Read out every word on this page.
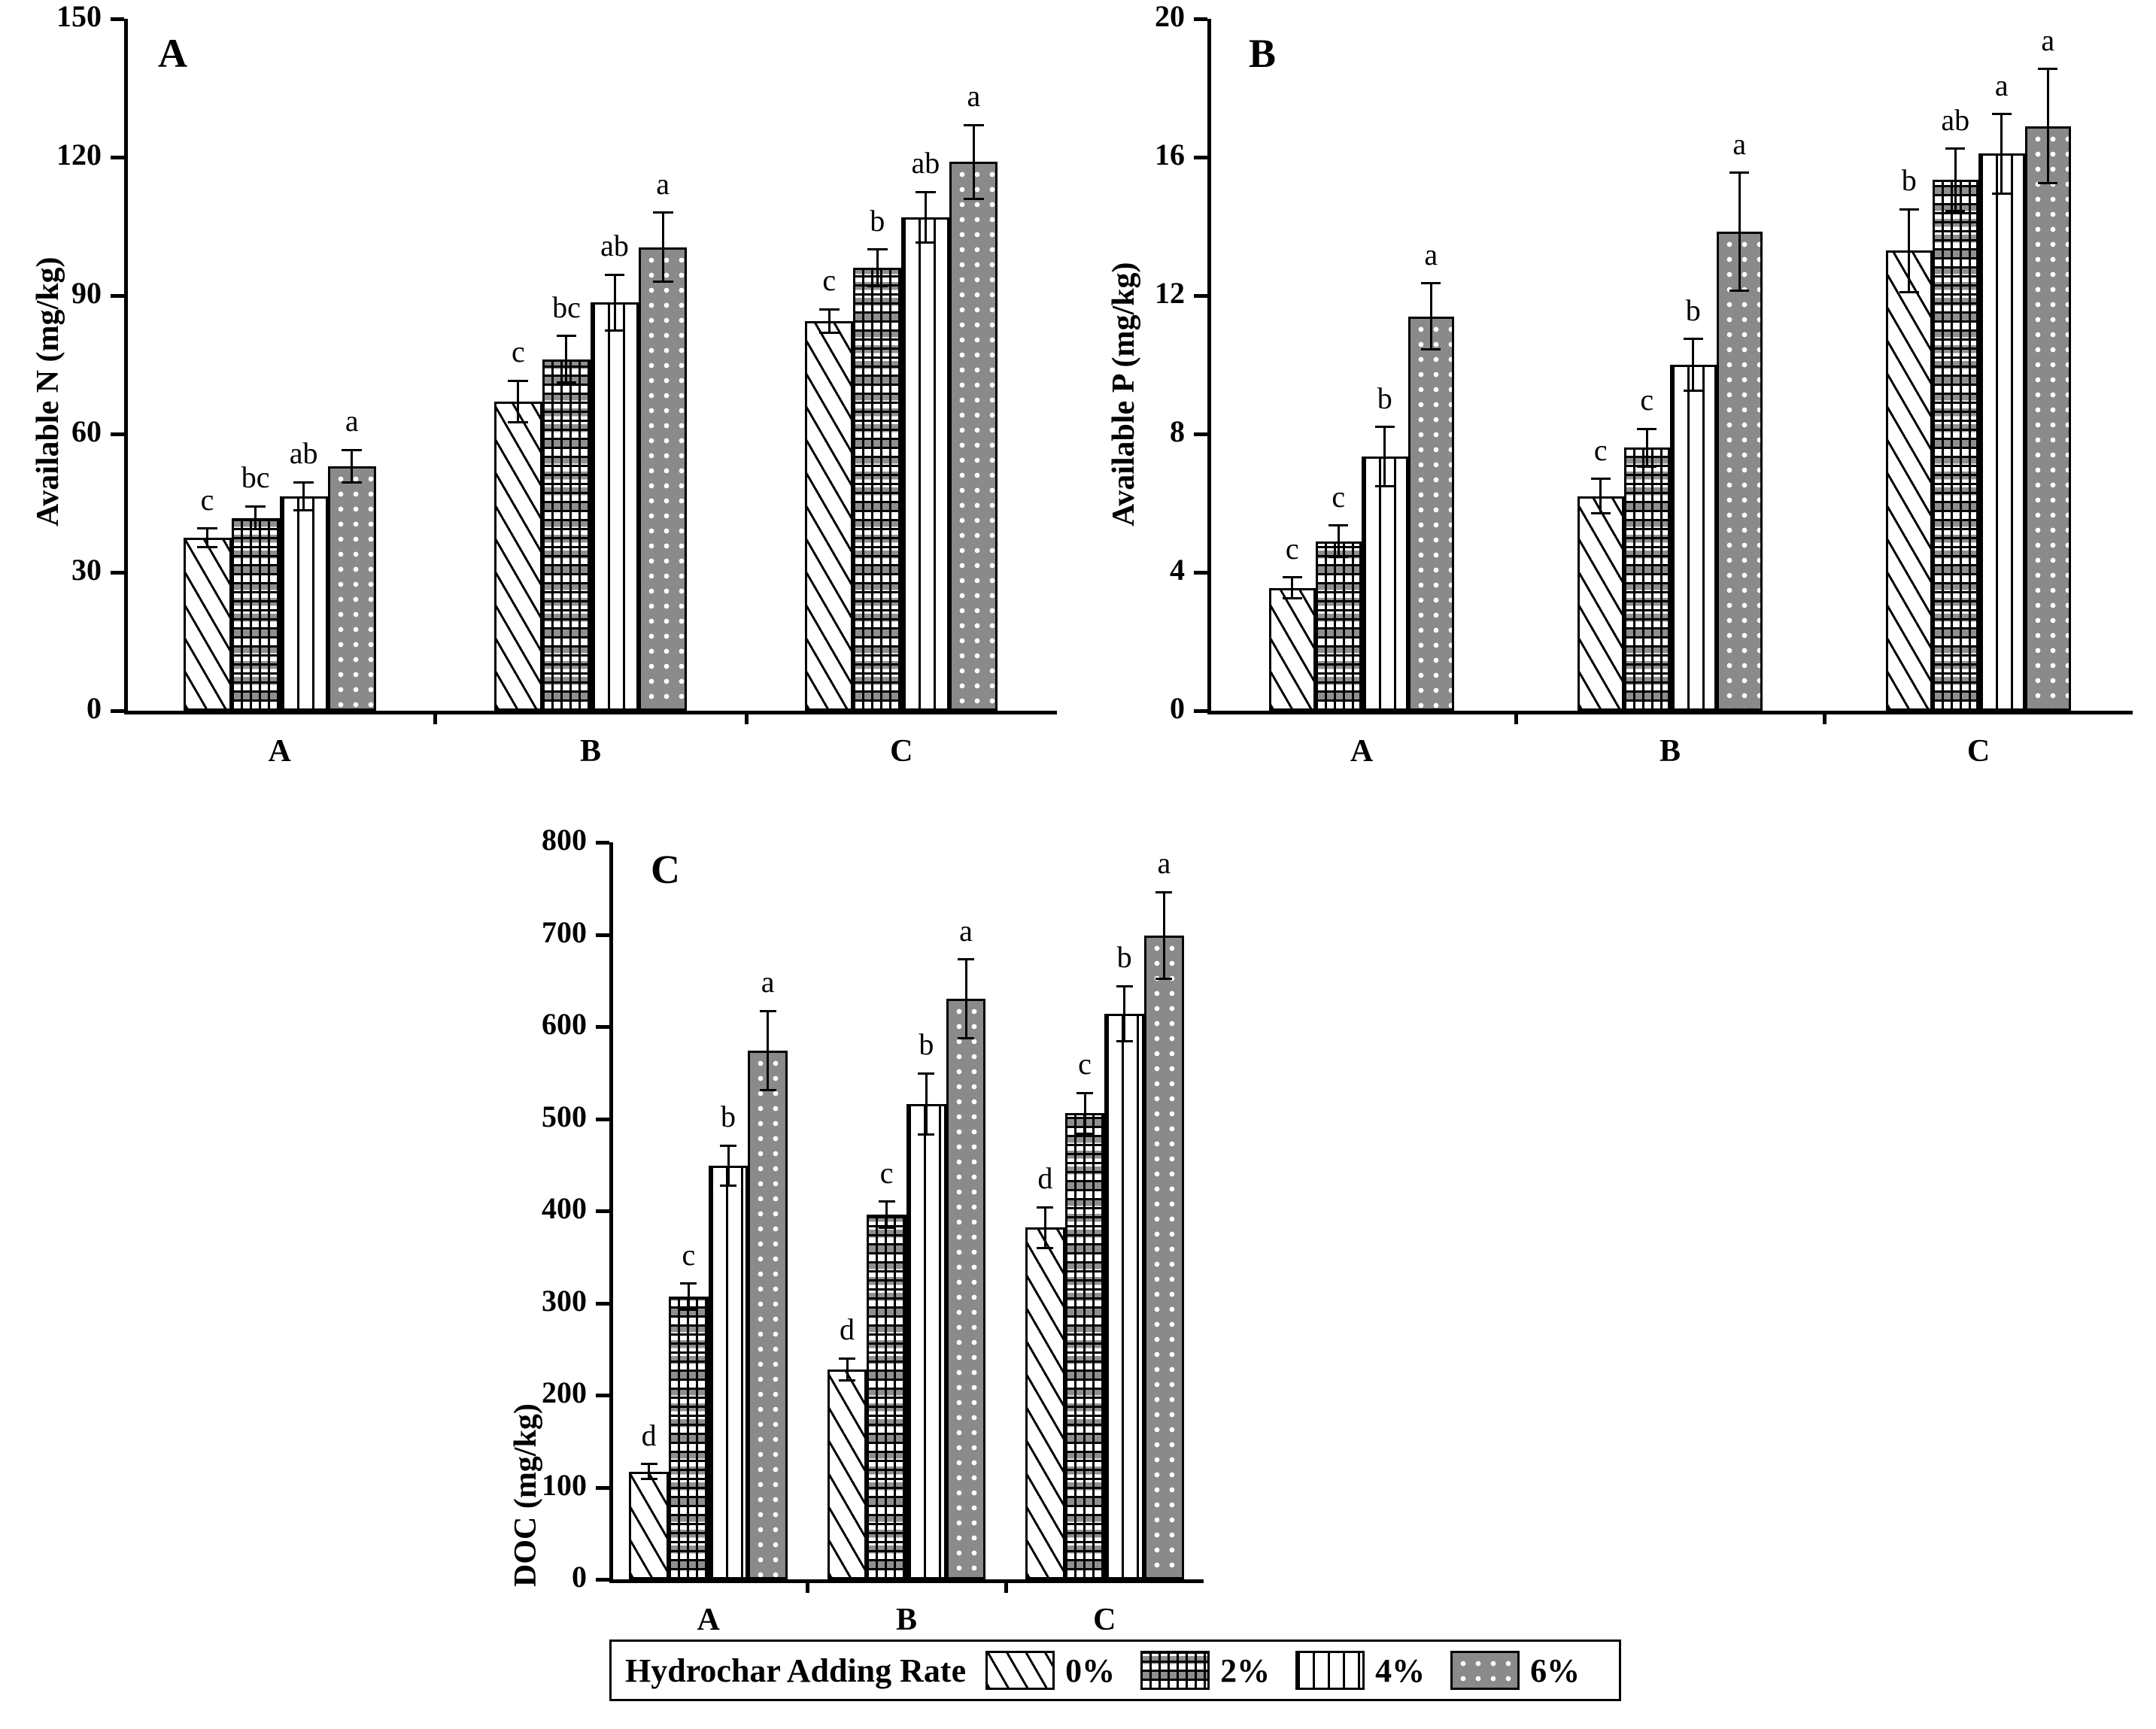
A
Available N (mg/kg)
0
30
60
90
120
150
A
c
bc
ab
a
B
c
bc
ab
a
C
c
b
ab
a
B
Available P (mg/kg)
0
4
8
12
16
20
A
c
c
b
a
B
c
c
b
a
C
b
ab
a
a
C
DOC (mg/kg) 0
100
200
300
400
500
600
700
800
A
d
c
b
a
B
d
c
b
a
C
d
c
b
a
Hydrochar Adding Rate	0%	2%	4%	6%
